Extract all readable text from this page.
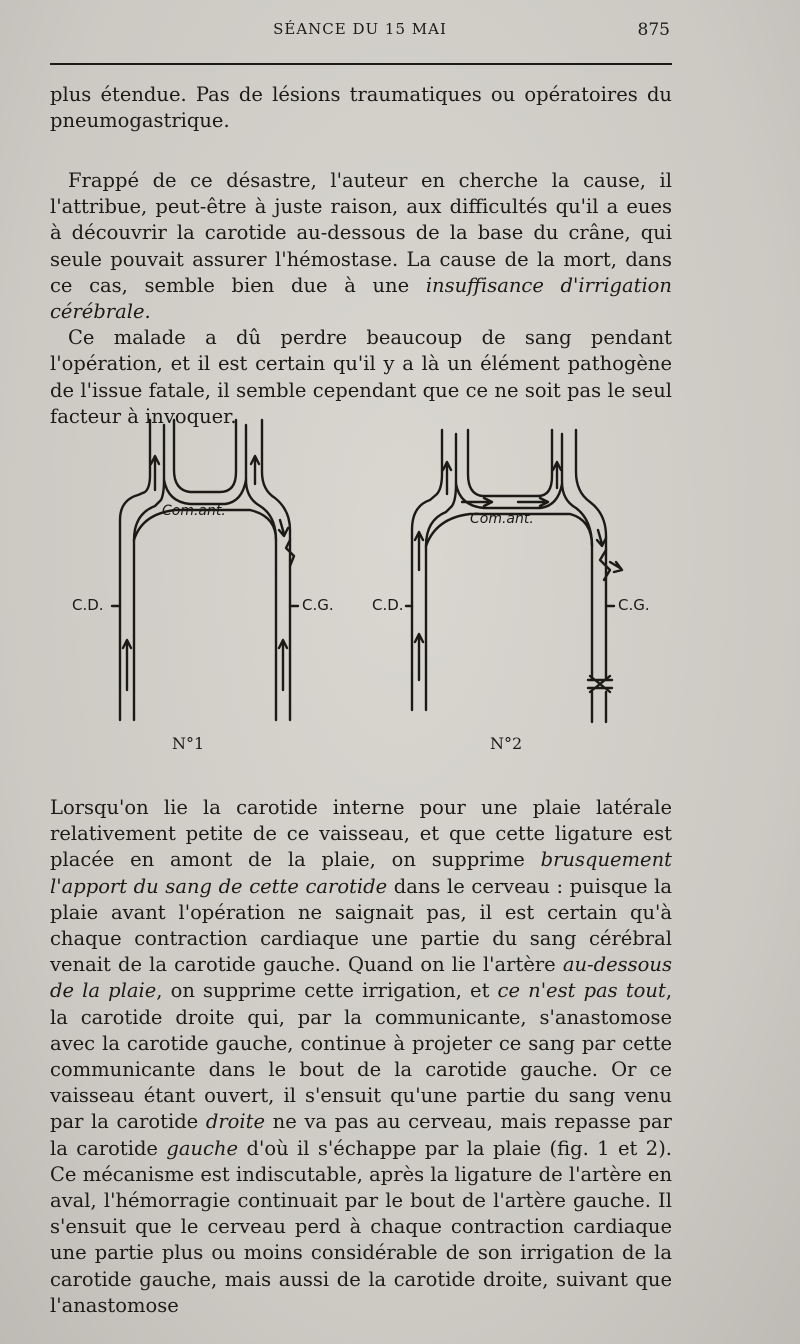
SÉANCE DU 15 MAI	875

plus étendue. Pas de lésions traumatiques ou opératoires du pneumogastrique.

Frappé de ce désastre, l'auteur en cherche la cause, il l'attribue, peut-être à juste raison, aux difficultés qu'il a eues à découvrir la carotide au-dessous de la base du crâne, qui seule pouvait assurer l'hémostase. La cause de la mort, dans ce cas, semble bien due à une insuffisance d'irrigation cérébrale.

Ce malade a dû perdre beaucoup de sang pendant l'opération, et il est certain qu'il y a là un élément pathogène de l'issue fatale, il semble cependant que ce ne soit pas le seul facteur à invoquer.

Com.ant.
C.D.	C.G.
N°1
Com.ant.
C.D.	C.G.
N°2

Lorsqu'on lie la carotide interne pour une plaie latérale relativement petite de ce vaisseau, et que cette ligature est placée en amont de la plaie, on supprime brusquement l'apport du sang de cette carotide dans le cerveau : puisque la plaie avant l'opération ne saignait pas, il est certain qu'à chaque contraction cardiaque une partie du sang cérébral venait de la carotide gauche. Quand on lie l'artère au-dessous de la plaie, on supprime cette irrigation, et ce n'est pas tout, la carotide droite qui, par la communicante, s'anastomose avec la carotide gauche, continue à projeter ce sang par cette communicante dans le bout de la carotide gauche. Or ce vaisseau étant ouvert, il s'ensuit qu'une partie du sang venu par la carotide droite ne va pas au cerveau, mais repasse par la carotide gauche d'où il s'échappe par la plaie (fig. 1 et 2). Ce mécanisme est indiscutable, après la ligature de l'artère en aval, l'hémorragie continuait par le bout de l'artère gauche. Il s'ensuit que le cerveau perd à chaque contraction cardiaque une partie plus ou moins considérable de son irrigation de la carotide gauche, mais aussi de la carotide droite, suivant que l'anastomose
